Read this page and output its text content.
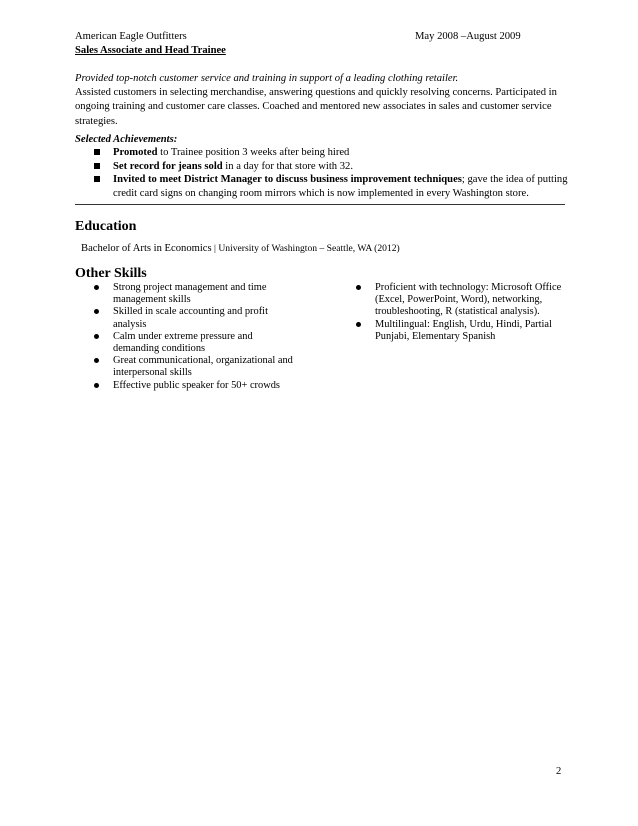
American Eagle Outfitters	May 2008 –August 2009
Sales Associate and Head Trainee
Provided top-notch customer service and training in support of a leading clothing retailer.
Assisted customers in selecting merchandise, answering questions and quickly resolving concerns. Participated in ongoing training and customer care classes. Coached and mentored new associates in sales and customer service strategies.
Selected Achievements:
Promoted to Trainee position 3 weeks after being hired
Set record for jeans sold in a day for that store with 32.
Invited to meet District Manager to discuss business improvement techniques; gave the idea of putting credit card signs on changing room mirrors which is now implemented in every Washington store.
Education
Bachelor of Arts in Economics | University of Washington – Seattle, WA (2012)
Other Skills
Strong project management and time management skills
Skilled in scale accounting and profit analysis
Calm under extreme pressure and demanding conditions
Great communicational, organizational and interpersonal skills
Effective public speaker for 50+ crowds
Proficient with technology: Microsoft Office (Excel, PowerPoint, Word), networking, troubleshooting, R (statistical analysis).
Multilingual: English, Urdu, Hindi, Partial Punjabi, Elementary Spanish
2
